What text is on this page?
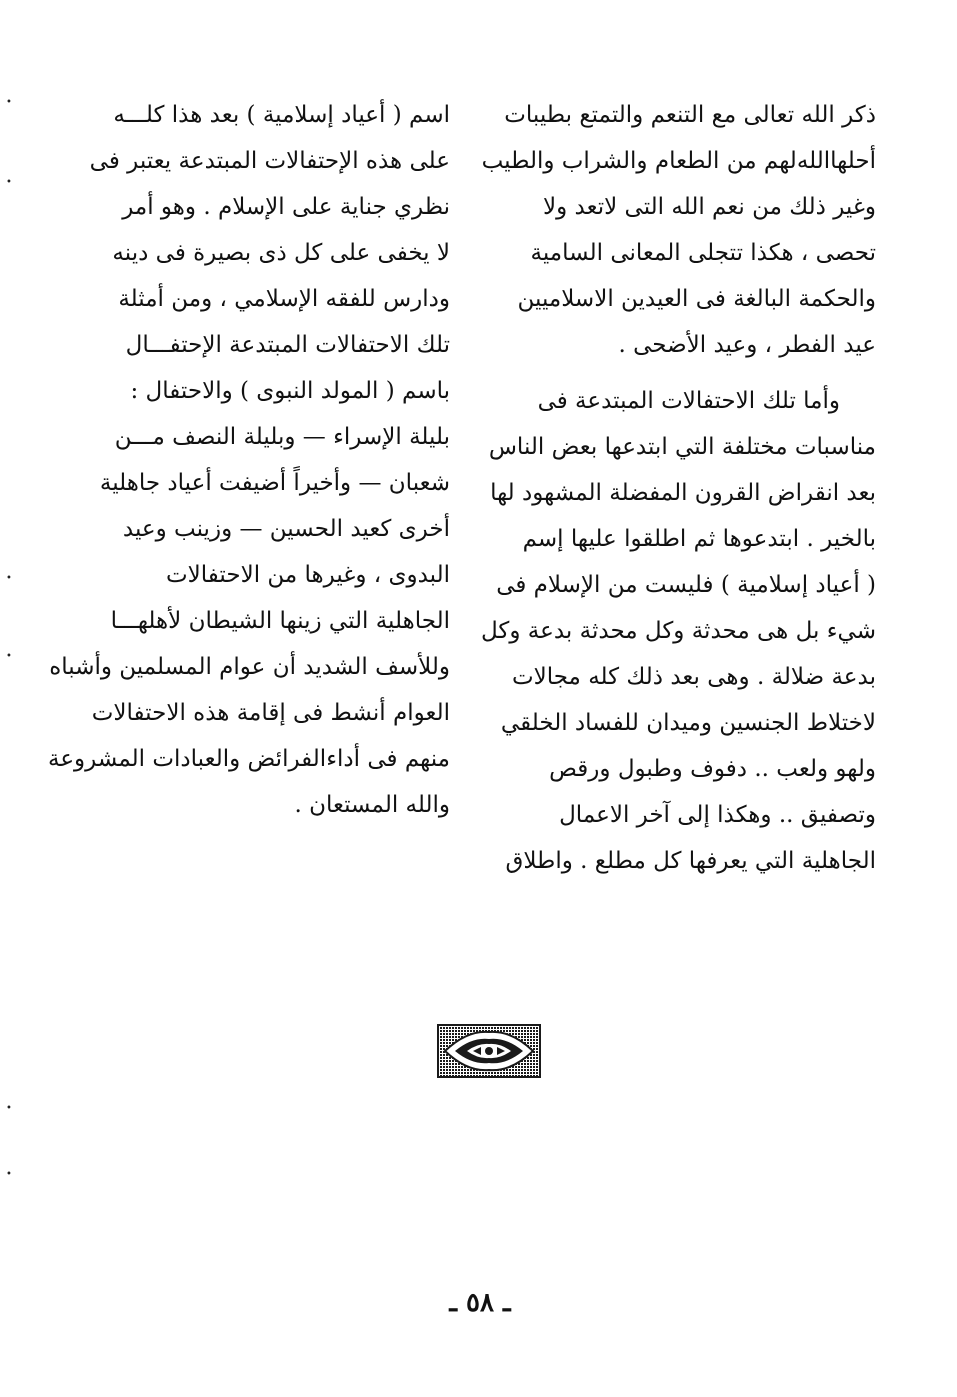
ذكر الله تعالى مع التنعم والتمتع بطيبات
أحلهاالله‌لهم من الطعام والشراب والطيب
وغير ذلك من نعم الله التى لاتعد ولا
تحصى ، هكذا تتجلى المعانى السامية
والحكمة البالغة فى العيدين الاسلاميين
عيد الفطر ، وعيد الأضحى .
وأما تلك الاحتفالات المبتدعة فى
مناسبات مختلفة التي ابتدعها بعض الناس
بعد انقراض القرون المفضلة المشهود لها
بالخير . ابتدعوها ثم اطلقوا عليها إسم
( أعياد إسلامية ) فليست من الإسلام فى
شيء بل هى محدثة وكل محدثة بدعة وكل
بدعة ضلالة . وهى بعد ذلك كله مجالات
لاختلاط الجنسين وميدان للفساد الخلقي
ولهو ولعب .. دفوف وطبول ورقص
وتصفيق .. وهكذا إلى آخر الاعمال
الجاهلية التي يعرفها كل مطلع . واطلاق
اسم ( أعياد إسلامية ) بعد هذا كلـــه
على هذه الإحتفالات المبتدعة يعتبر فى
نظري جناية على الإسلام . وهو أمر
لا يخفى على كل ذى بصيرة فى دينه
ودارس للفقه الإسلامي ، ومن أمثلة
تلك الاحتفالات المبتدعة الإحتفـــال
باسم ( المولد النبوى ) والاحتفال :
بليلة الإسراء — وبليلة النصف مـــن
شعبان — وأخيراً أضيفت أعياد جاهلية
أخرى كعيد الحسين — وزينب وعيد
البدوى ، وغيرها من الاحتفالات
الجاهلية التي زينها الشيطان لأهلهـــا
وللأسف الشديد أن عوام المسلمين وأشباه
العوام أنشط فى إقامة هذه الاحتفالات
منهم فى أداءالفرائض والعبادات المشروعة
والله المستعان .
ـ ٥٨ ـ
•
•
•
•
•
•
